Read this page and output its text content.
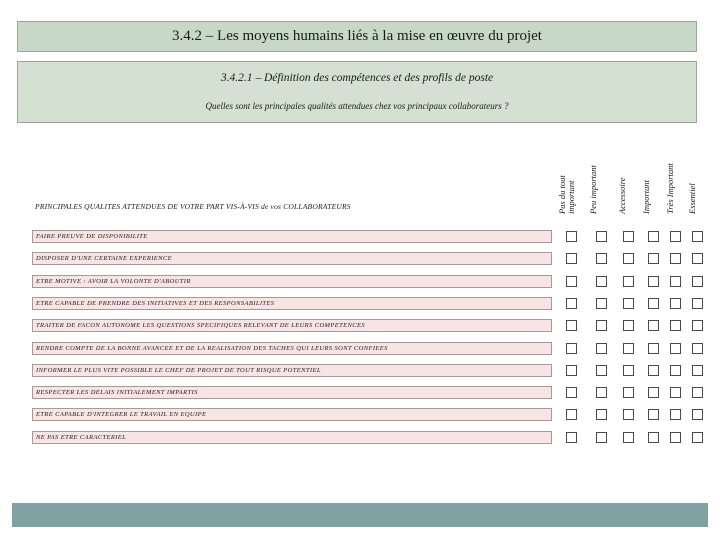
3.4.2 – Les moyens humains liés à la mise en œuvre du projet
3.4.2.1 – Définition des compétences et des profils de poste
Quelles sont les principales qualités attendues chez vos principaux collaborateurs ?
PRINCIPALES QUALITES ATTENDUES DE VOTRE PART VIS-À-VIS de vos COLLABORATEURS	Pas du tout important Peu important Accessoire Important Très Important Essentiel
FAIRE PREUVE DE DISPONIBILITE
DISPOSER D'UNE CERTAINE EXPERIENCE
ETRE MOTIVE : AVOIR LA VOLONTE D'ABOUTIR
ETRE CAPABLE DE PRENDRE DES INITIATIVES ET DES RESPONSABILITES
TRAITER DE FACON AUTONOME LES QUESTIONS SPECIFIQUES RELEVANT DE LEURS COMPETENCES
RENDRE COMPTE DE LA BONNE AVANCEE ET DE LA REALISATION DES TACHES QUI LEURS SONT CONFIEES
INFORMER LE PLUS VITE POSSIBLE LE CHEF DE PROJET DE TOUT RISQUE POTENTIEL
RESPECTER LES DELAIS INITIALEMENT IMPARTIS
ETRE CAPABLE D'INTEGRER LE TRAVAIL EN EQUIPE
NE PAS ETRE CARACTERIEL
